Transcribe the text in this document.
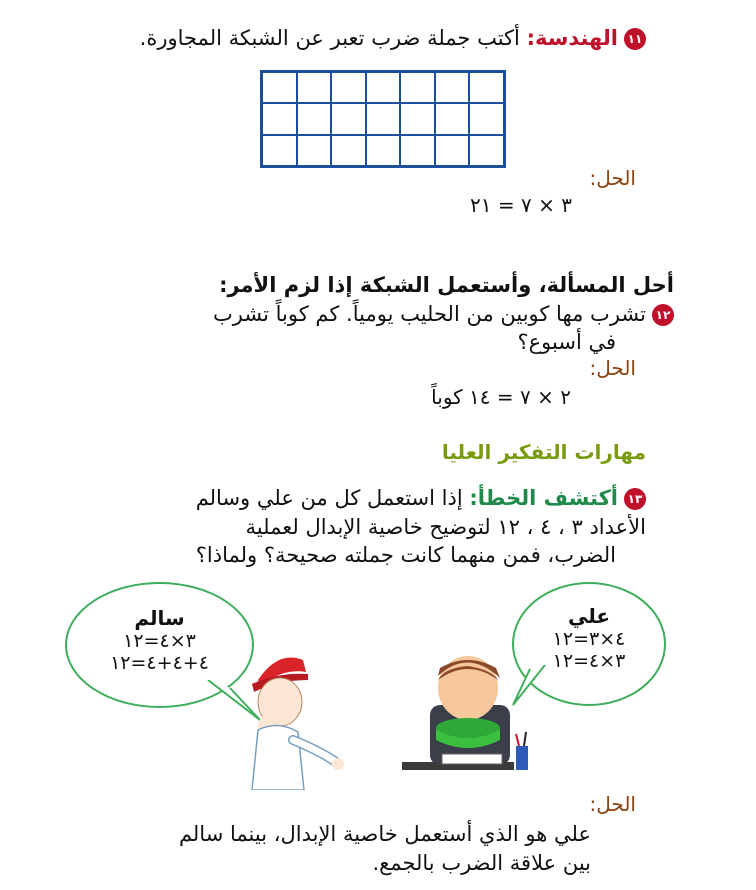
١١الهندسة: أكتب جملة ضرب تعبر عن الشبكة المجاورة.
الحل:
٣ × ٧ = ٢١
أحل المسألة، وأستعمل الشبكة إذا لزم الأمر:
١٢تشرب مها كوبين من الحليب يومياً. كم كوباً تشرب
في أسبوع؟
الحل:
٢ × ٧ = ١٤ كوباً
مهارات التفكير العليا
١٣أكتشف الخطأ: إذا استعمل كل من علي وسالم
الأعداد ٣ ، ٤ ، ١٢ لتوضيح خاصية الإبدال لعملية
الضرب، فمن منهما كانت جملته صحيحة؟ ولماذا؟
سالم
٣×٤=١٢
٤+٤+٤=١٢
علي
٤×٣=١٢
٣×٤=١٢
الحل:
علي هو الذي أستعمل خاصية الإبدال، بينما سالم
بين علاقة الضرب بالجمع.
